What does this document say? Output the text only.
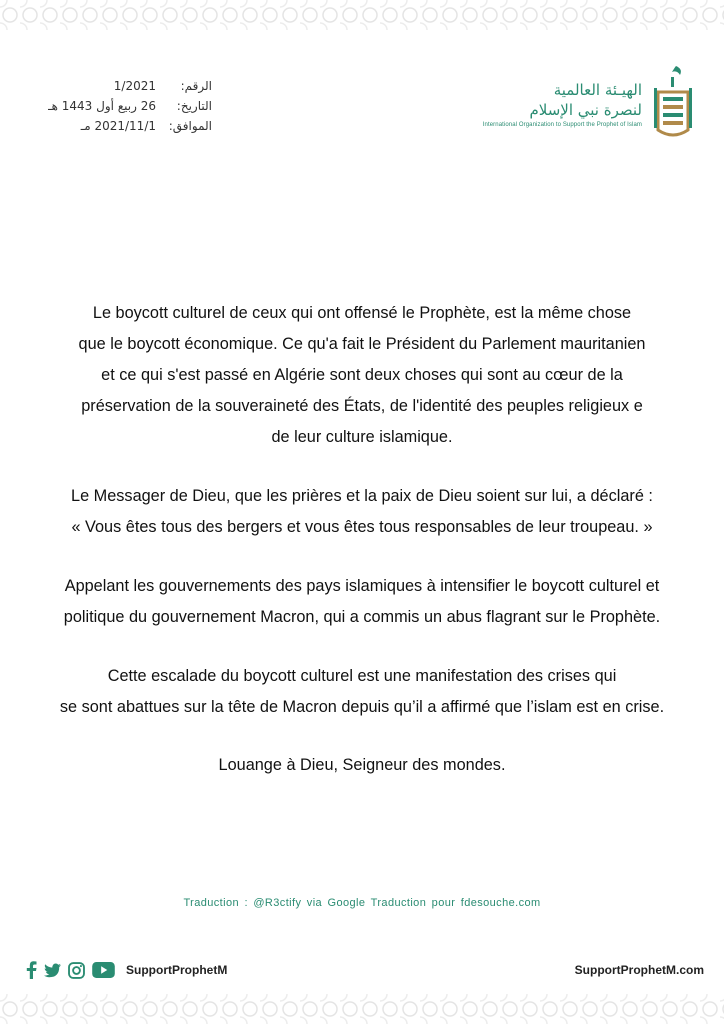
الرقم:
1/2021
التاريخ:
26 ربيع أول 1443 هـ
الموافق:
2021/11/1 مـ
الهيـئة العالمية
لنصرة نبي الإسلام
International Organization to Support the Prophet of Islam

Le boycott culturel de ceux qui ont offensé le Prophète, est la même chose
que le boycott économique. Ce qu'a fait le Président du Parlement mauritanien
et ce qui s'est passé en Algérie sont deux choses qui sont au cœur de la
préservation de la souveraineté des États, de l'identité des peuples religieux e
de leur culture islamique.

Le Messager de Dieu, que les prières et la paix de Dieu soient sur lui, a déclaré :
« Vous êtes tous des bergers et vous êtes tous responsables de leur troupeau. »

Appelant les gouvernements des pays islamiques à intensifier le boycott culturel et
politique du gouvernement Macron, qui a commis un abus flagrant sur le Prophète.

Cette escalade du boycott culturel est une manifestation des crises qui
se sont abattues sur la tête de Macron depuis qu’il a affirmé que l’islam est en crise.

Louange à Dieu, Seigneur des mondes.

Traduction : @R3ctify via Google Traduction pour fdesouche.com
SupportProphetM	SupportProphetM.com
